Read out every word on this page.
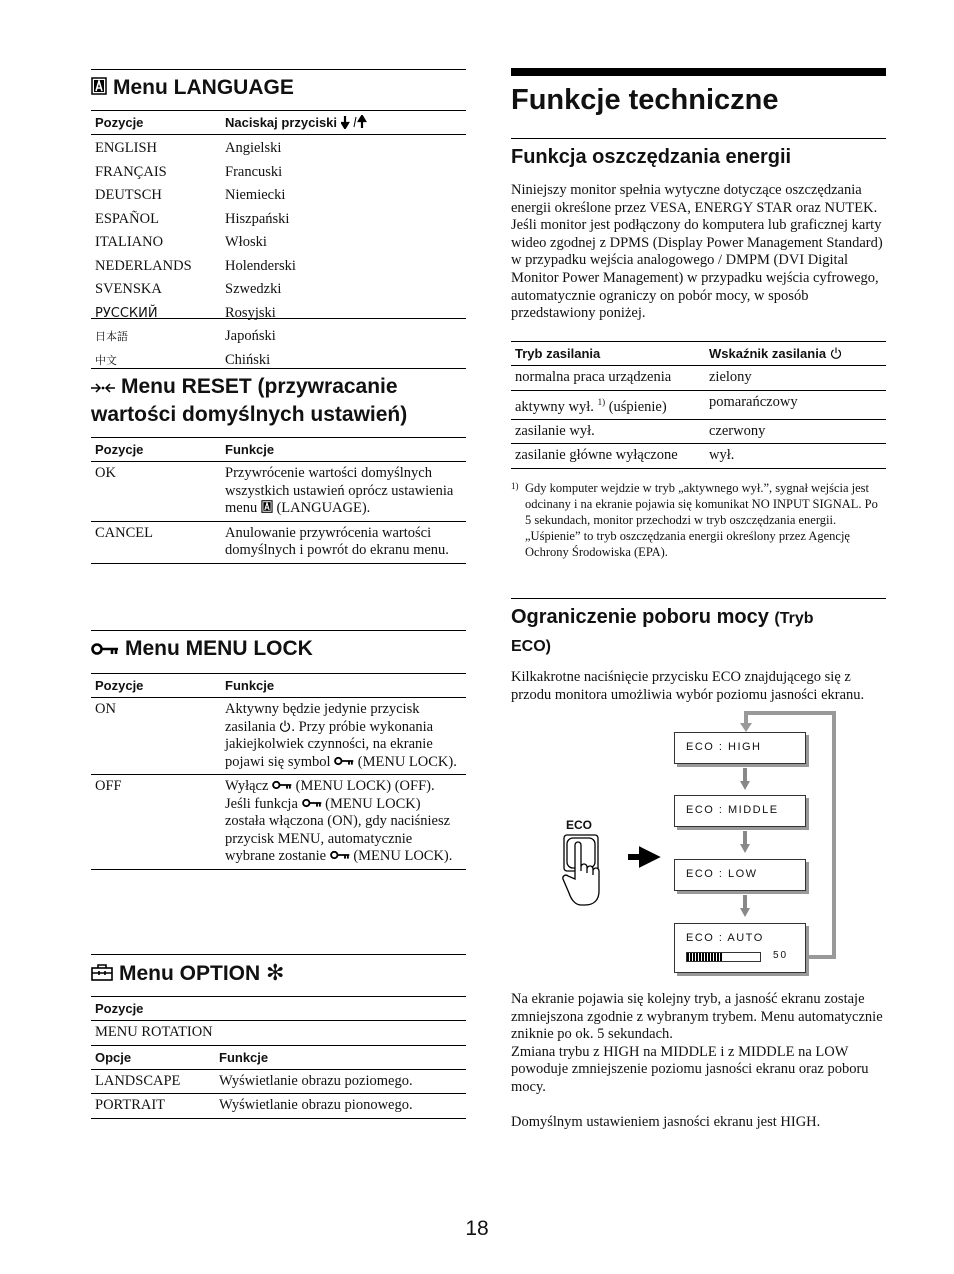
Menu LANGUAGE
Pozycje	Naciskaj przyciski
ENGLISH	Angielski
FRANÇAIS	Francuski
DEUTSCH	Niemiecki
ESPAÑOL	Hiszpański
ITALIANO	Włoski
NEDERLANDS	Holenderski
SVENSKA	Szwedzki
РУССКИЙ	Rosyjski
日本語	Japoński
中文	Chiński
Menu RESET (przywracanie
wartości domyślnych ustawień)
Pozycje	Funkcje
OK	Przywrócenie wartości domyślnych wszystkich ustawień oprócz ustawienia menu (LANGUAGE).
CANCEL	Anulowanie przywrócenia wartości domyślnych i powrót do ekranu menu.
Menu MENU LOCK
Pozycje	Funkcje
ON	Aktywny będzie jedynie przycisk zasilania . Przy próbie wykonania jakiejkolwiek czynności, na ekranie pojawi się symbol (MENU LOCK).
OFF	Wyłącz (MENU LOCK) (OFF). Jeśli funkcja (MENU LOCK) została włączona (ON), gdy naciśniesz przycisk MENU, automatycznie wybrane zostanie (MENU LOCK).
Menu OPTION ✻
Pozycje	
MENU ROTATION	
Opcje	Funkcje
LANDSCAPE	Wyświetlanie obrazu poziomego.
PORTRAIT	Wyświetlanie obrazu pionowego.
Funkcje techniczne
Funkcja oszczędzania energii
Niniejszy monitor spełnia wytyczne dotyczące oszczędzania energii określone przez VESA, ENERGY STAR oraz NUTEK. Jeśli monitor jest podłączony do komputera lub graficznej karty wideo zgodnej z DPMS (Display Power Management Standard) w przypadku wejścia analogowego / DMPM (DVI Digital Monitor Power Management) w przypadku wejścia cyfrowego, automatycznie ograniczy on pobór mocy, w sposób przedstawiony poniżej.
Tryb zasilania	Wskaźnik zasilania
normalna praca urządzenia	zielony
aktywny wył. $^{1)}$ (uśpienie)	pomarańczowy
zasilanie wył.	czerwony
zasilanie główne wyłączone	wył.
1) Gdy komputer wejdzie w tryb „aktywnego wył.”, sygnał wejścia jest odcinany i na ekranie pojawia się komunikat NO INPUT SIGNAL. Po 5 sekundach, monitor przechodzi w tryb oszczędzania energii.
„Uśpienie” to tryb oszczędzania energii określony przez Agencję Ochrony Środowiska (EPA).
Ograniczenie poboru mocy (Tryb
ECO)
Kilkakrotne naciśnięcie przycisku ECO znajdującego się z przodu monitora umożliwia wybór poziomu jasności ekranu.
ECO : HIGH
ECO : MIDDLE
ECO : LOW
ECO : AUTO
50
ECO
Na ekranie pojawia się kolejny tryb, a jasność ekranu zostaje zmniejszona zgodnie z wybranym trybem. Menu automatycznie zniknie po ok. 5 sekundach.
Zmiana trybu z HIGH na MIDDLE i z MIDDLE na LOW powoduje zmniejszenie poziomu jasności ekranu oraz poboru mocy.
Domyślnym ustawieniem jasności ekranu jest HIGH.
18
